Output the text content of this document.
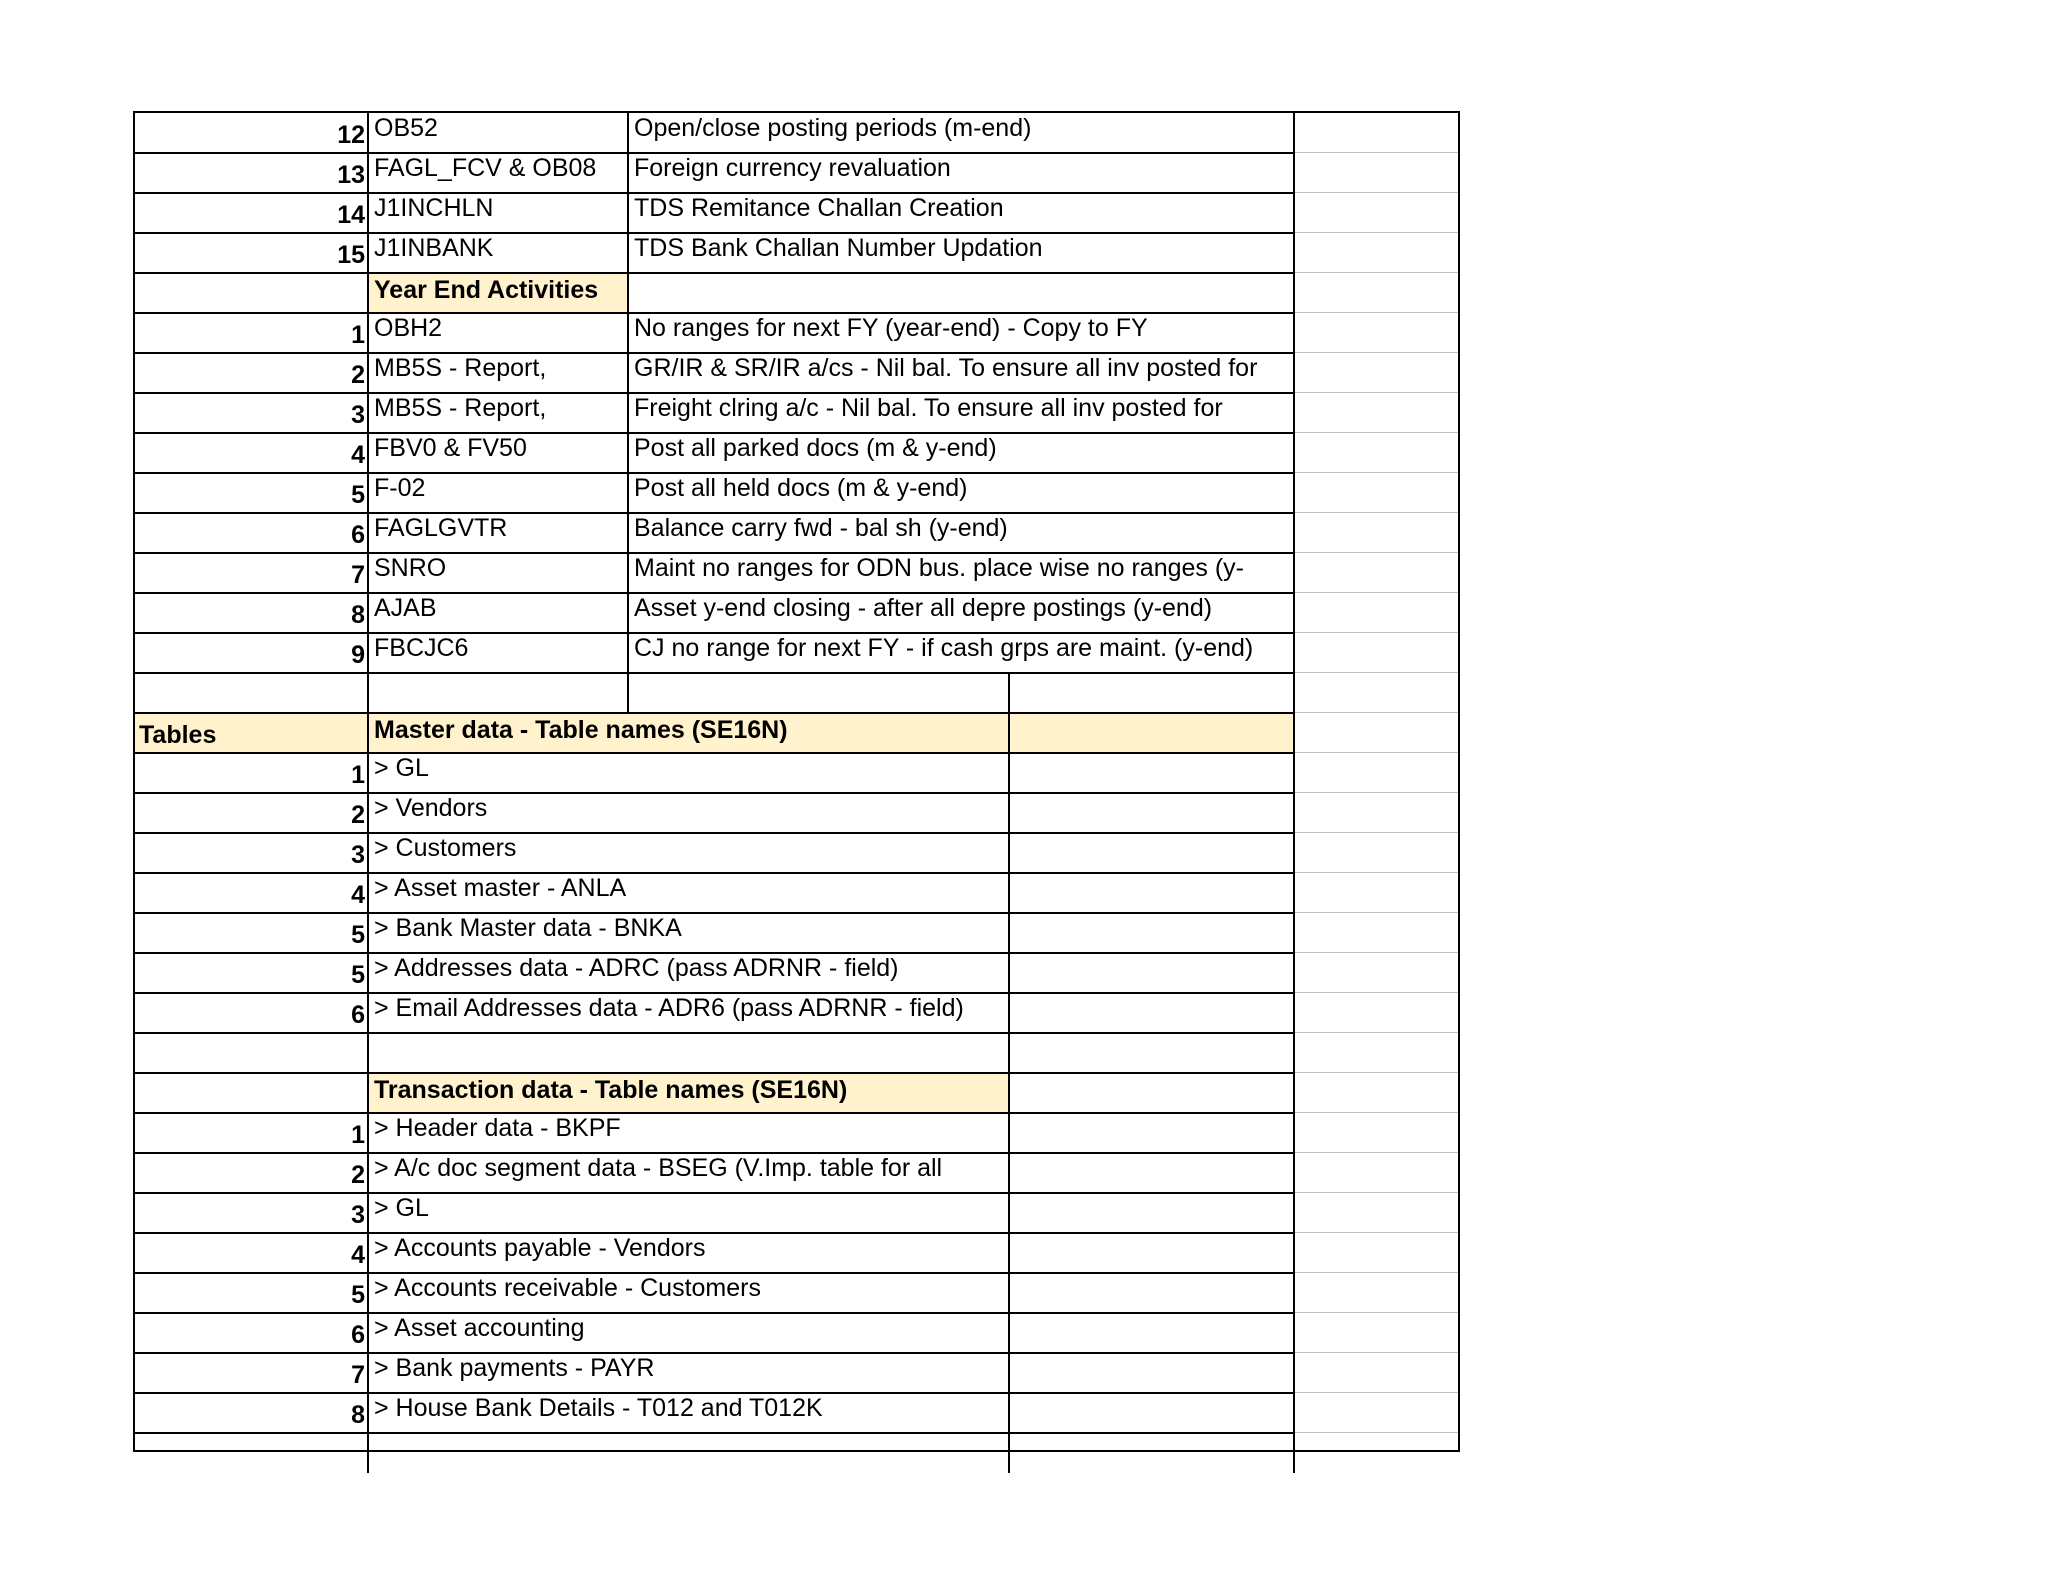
12 OB52	Open/close posting periods (m-end)
13 FAGL_FCV & OB08	Foreign currency revaluation
14 J1INCHLN	TDS Remitance Challan Creation
15 J1INBANK	TDS Bank Challan Number Updation
Year End Activities
1 OBH2	No ranges for next FY (year-end) - Copy to FY
2 MB5S - Report,	GR/IR & SR/IR a/cs - Nil bal. To ensure all inv posted for
3 MB5S - Report,	Freight clring a/c - Nil bal. To ensure all inv posted for
4 FBV0 & FV50	Post all parked docs (m & y-end)
5 F-02	Post all held docs (m & y-end)
6 FAGLGVTR	Balance carry fwd - bal sh (y-end)
7 SNRO	Maint no ranges for ODN bus. place wise no ranges (y-
8 AJAB	Asset y-end closing - after all depre postings (y-end)
9 FBCJC6	CJ no range for next FY - if cash grps are maint. (y-end)
Tables	Master data - Table names (SE16N)
1 > GL
2 > Vendors
3 > Customers
4 > Asset master - ANLA
5 > Bank Master data - BNKA
5 > Addresses data - ADRC (pass ADRNR - field)
6 > Email Addresses data - ADR6 (pass ADRNR - field)
Transaction data - Table names (SE16N)
1 > Header data - BKPF
2 > A/c doc segment data - BSEG (V.Imp. table for all
3 > GL
4 > Accounts payable - Vendors
5 > Accounts receivable - Customers
6 > Asset accounting
7 > Bank payments - PAYR
8 > House Bank Details - T012 and T012K
